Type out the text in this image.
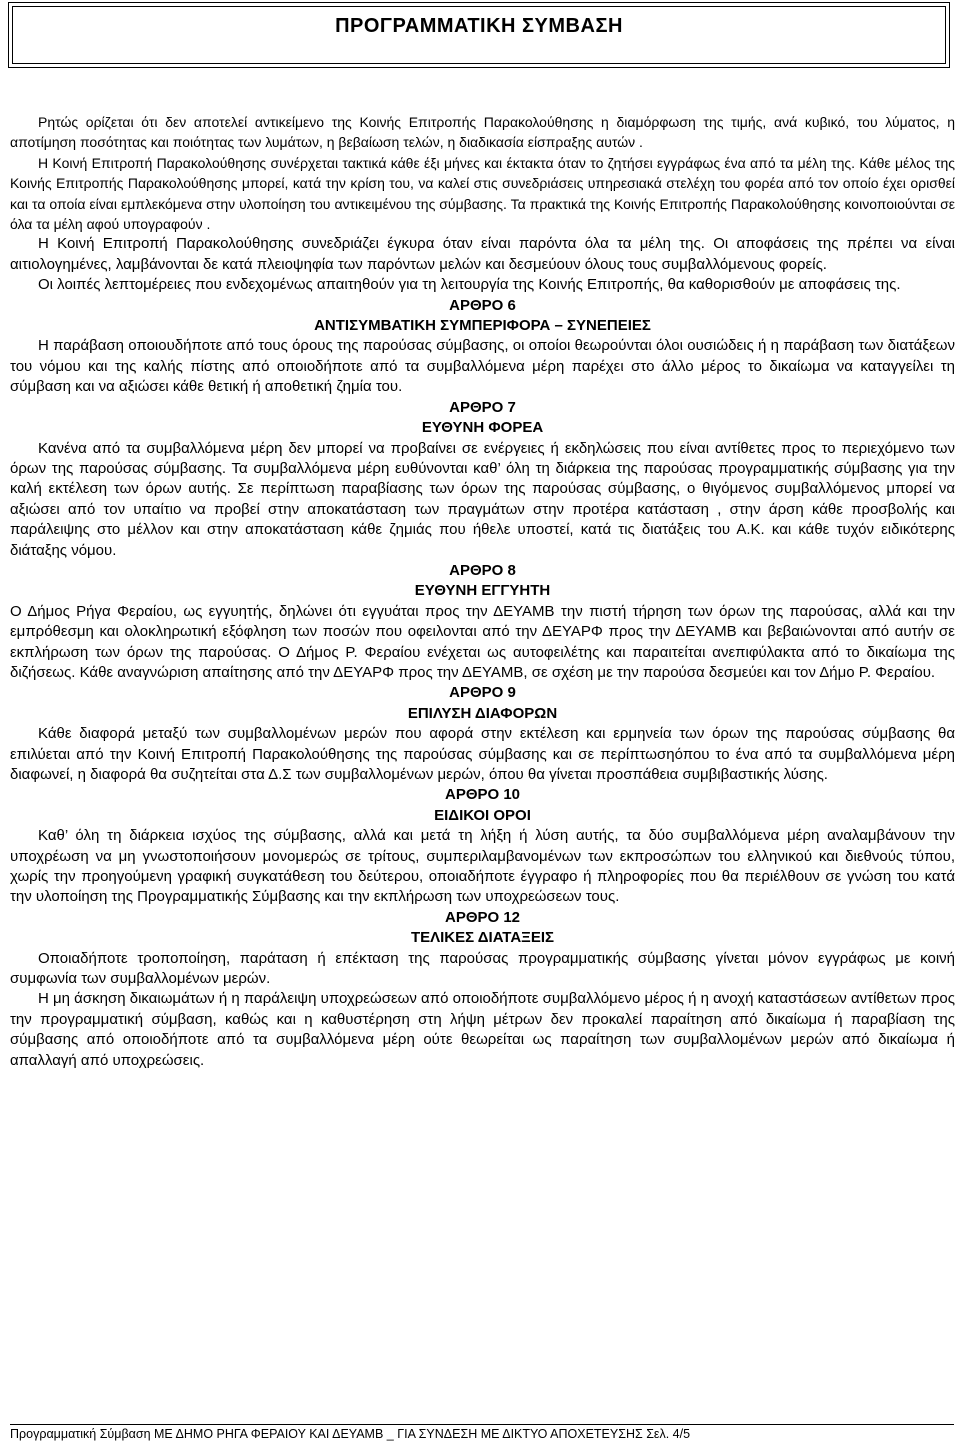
ΠΡΟΓΡΑΜΜΑΤΙΚΗ ΣΥΜΒΑΣΗ

Ρητώς ορίζεται ότι δεν αποτελεί αντικείμενο της Κοινής Επιτροπής Παρακολούθησης η διαμόρφωση της τιμής, ανά κυβικό, του λύματος, η αποτίμηση ποσότητας και ποιότητας των λυμάτων, η βεβαίωση τελών, η διαδικασία είσπραξης αυτών .

Η Κοινή Επιτροπή Παρακολούθησης συνέρχεται τακτικά κάθε έξι μήνες και έκτακτα όταν το ζητήσει εγγράφως ένα από τα μέλη της. Κάθε μέλος της Κοινής Επιτροπής Παρακολούθησης μπορεί, κατά την κρίση του, να καλεί στις συνεδριάσεις υπηρεσιακά στελέχη του φορέα από τον οποίο έχει ορισθεί και τα οποία είναι εμπλεκόμενα στην υλοποίηση του αντικειμένου της σύμβασης. Τα πρακτικά της Κοινής Επιτροπής Παρακολούθησης κοινοποιούνται σε όλα τα μέλη αφού υπογραφούν .

Η Κοινή Επιτροπή Παρακολούθησης συνεδριάζει έγκυρα όταν είναι παρόντα όλα τα μέλη της. Οι αποφάσεις της πρέπει να είναι αιτιολογημένες, λαμβάνονται δε κατά πλειοψηφία των παρόντων μελών και δεσμεύουν όλους τους συμβαλλόμενους φορείς.

Οι λοιπές λεπτομέρειες που ενδεχομένως απαιτηθούν για τη λειτουργία της Κοινής Επιτροπής, θα καθορισθούν με αποφάσεις της.

ΑΡΘΡΟ 6

ΑΝΤΙΣΥΜΒΑΤΙΚΗ ΣΥΜΠΕΡΙΦΟΡΑ – ΣΥΝΕΠΕΙΕΣ

Η παράβαση οποιουδήποτε από τους όρους της παρούσας σύμβασης, οι οποίοι θεωρούνται όλοι ουσιώδεις ή η παράβαση των διατάξεων του νόμου και της καλής πίστης από οποιοδήποτε από τα συμβαλλόμενα μέρη παρέχει στο άλλο μέρος το δικαίωμα να καταγγείλει τη σύμβαση και να αξιώσει κάθε θετική ή αποθετική ζημία του.

ΑΡΘΡΟ 7

ΕΥΘΥΝΗ ΦΟΡΕΑ

Κανένα από τα συμβαλλόμενα μέρη δεν μπορεί να προβαίνει σε ενέργειες ή εκδηλώσεις που είναι αντίθετες προς το περιεχόμενο των όρων της παρούσας σύμβασης. Τα συμβαλλόμενα μέρη ευθύνονται καθ’ όλη τη διάρκεια της παρούσας προγραμματικής σύμβασης για την καλή εκτέλεση των όρων αυτής. Σε περίπτωση παραβίασης των όρων της παρούσας σύμβασης, ο θιγόμενος συμβαλλόμενος μπορεί να αξιώσει από τον υπαίτιο να προβεί στην αποκατάσταση των πραγμάτων στην προτέρα κατάσταση , στην άρση κάθε προσβολής και παράλειψης στο μέλλον και στην αποκατάσταση κάθε ζημιάς που ήθελε υποστεί, κατά τις διατάξεις του Α.Κ. και κάθε τυχόν ειδικότερης διάταξης νόμου.

ΑΡΘΡΟ 8

ΕΥΘΥΝΗ ΕΓΓΥΗΤΗ

Ο Δήμος Ρήγα Φεραίου, ως εγγυητής, δηλώνει ότι εγγυάται προς την ΔΕΥΑΜΒ την πιστή τήρηση των όρων της παρούσας, αλλά και την εμπρόθεσμη και ολοκληρωτική εξόφληση των ποσών που οφειλονται από την ΔΕΥΑΡΦ προς την ΔΕΥΑΜΒ και βεβαιώνονται από αυτήν σε εκπλήρωση των όρων της παρούσας. Ο Δήμος Ρ. Φεραίου ενέχεται ως αυτοφειλέτης και παραιτείται ανεπιφύλακτα από το δικαίωμα της διζήσεως. Κάθε αναγνώριση απαίτησης από την ΔΕΥΑΡΦ προς την ΔΕΥΑΜΒ, σε σχέση με την παρούσα δεσμεύει και τον Δήμο Ρ. Φεραίου.

ΑΡΘΡΟ 9

ΕΠΙΛΥΣΗ ΔΙΑΦΟΡΩΝ

Κάθε διαφορά μεταξύ των συμβαλλομένων μερών που αφορά στην εκτέλεση και ερμηνεία των όρων της παρούσας σύμβασης θα επιλύεται από την Κοινή Επιτροπή Παρακολούθησης της παρούσας σύμβασης και σε περίπτωσηόπου το ένα από τα συμβαλλόμενα μέρη διαφωνεί, η διαφορά θα συζητείται στα Δ.Σ των συμβαλλομένων μερών, όπου θα γίνεται προσπάθεια συμβιβαστικής λύσης.

ΑΡΘΡΟ 10

ΕΙΔΙΚΟΙ ΟΡΟΙ

Καθ’ όλη τη διάρκεια ισχύος της σύμβασης, αλλά και μετά τη λήξη ή λύση αυτής, τα δύο συμβαλλόμενα μέρη αναλαμβάνουν την υποχρέωση να μη γνωστοποιήσουν μονομερώς σε τρίτους, συμπεριλαμβανομένων των εκπροσώπων του ελληνικού και διεθνούς τύπου, χωρίς την προηγούμενη γραφική συγκατάθεση του δεύτερου, οποιαδήποτε έγγραφο ή πληροφορίες που θα περιέλθουν σε γνώση του κατά την υλοποίηση της Προγραμματικής Σύμβασης και την εκπλήρωση των υποχρεώσεων τους.

ΑΡΘΡΟ 12

ΤΕΛΙΚΕΣ ΔΙΑΤΑΞΕΙΣ

Οποιαδήποτε τροποποίηση, παράταση ή επέκταση της παρούσας προγραμματικής σύμβασης γίνεται μόνον εγγράφως με κοινή συμφωνία των συμβαλλομένων μερών.

Η μη άσκηση δικαιωμάτων ή η παράλειψη υποχρεώσεων από οποιοδήποτε συμβαλλόμενο μέρος ή η ανοχή καταστάσεων αντίθετων προς την προγραμματική σύμβαση, καθώς και η καθυστέρηση στη λήψη μέτρων δεν προκαλεί παραίτηση από δικαίωμα ή παραβίαση της σύμβασης από οποιοδήποτε από τα συμβαλλόμενα μέρη ούτε θεωρείται ως παραίτηση των συμβαλλομένων μερών από δικαίωμα ή απαλλαγή από υποχρεώσεις.

Προγραμματική Σύμβαση ΜΕ ΔΗΜΟ ΡΗΓΑ ΦΕΡΑΙΟΥ ΚΑΙ ΔΕΥΑΜΒ _ ΓΙΑ ΣΥΝΔΕΣΗ ΜΕ ΔΙΚΤΥΟ ΑΠΟΧΕΤΕΥΣΗΣ Σελ. 4/5
